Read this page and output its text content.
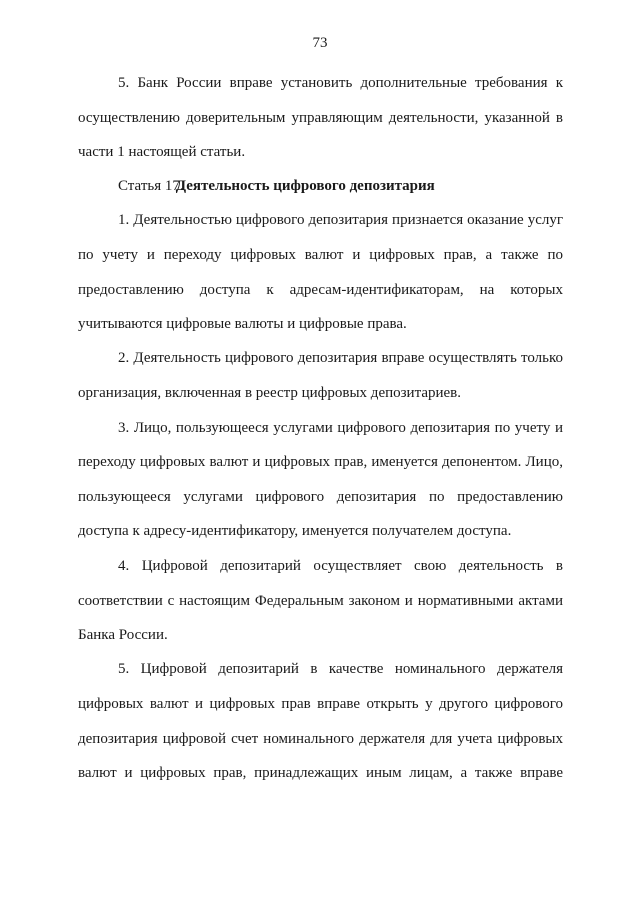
73
5. Банк России вправе установить дополнительные требования к
осуществлению доверительным управляющим деятельности, указанной в
части 1 настоящей статьи.
Статья 17. Деятельность цифрового депозитария
1. Деятельностью цифрового депозитария признается оказание услуг
по учету и переходу цифровых валют и цифровых прав, а также по
предоставлению доступа к адресам-идентификаторам, на которых
учитываются цифровые валюты и цифровые права.
2. Деятельность цифрового депозитария вправе осуществлять только
организация, включенная в реестр цифровых депозитариев.
3. Лицо, пользующееся услугами цифрового депозитария по учету и
переходу цифровых валют и цифровых прав, именуется депонентом. Лицо,
пользующееся услугами цифрового депозитария по предоставлению
доступа к адресу-идентификатору, именуется получателем доступа.
4. Цифровой депозитарий осуществляет свою деятельность в
соответствии с настоящим Федеральным законом и нормативными актами
Банка России.
5. Цифровой депозитарий в качестве номинального держателя
цифровых валют и цифровых прав вправе открыть у другого цифрового
депозитария цифровой счет номинального держателя для учета цифровых
валют и цифровых прав, принадлежащих иным лицам, а также вправе
